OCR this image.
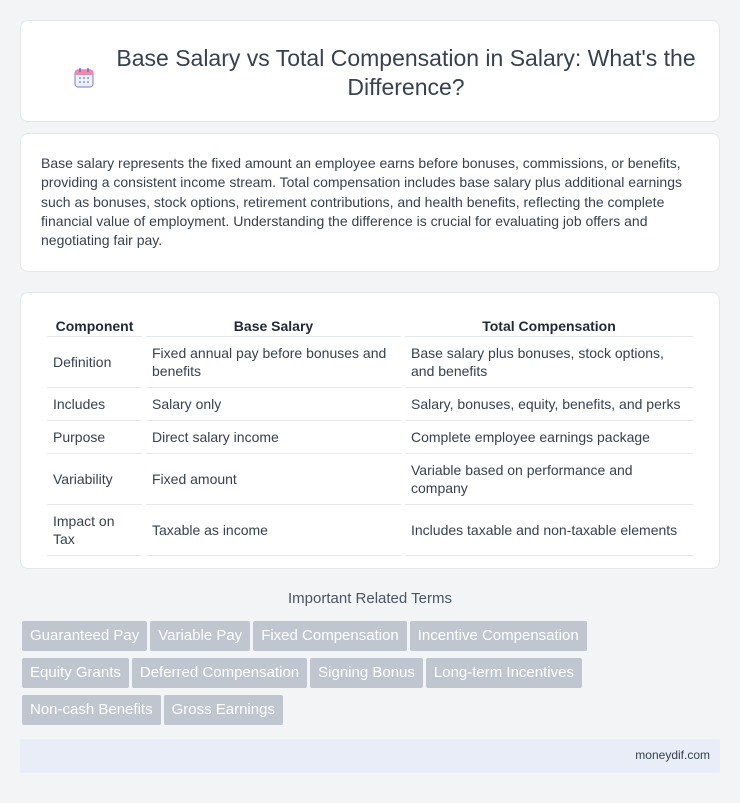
Base Salary vs Total Compensation in Salary: What's the Difference?

Base salary represents the fixed amount an employee earns before bonuses, commissions, or benefits, providing a consistent income stream. Total compensation includes base salary plus additional earnings such as bonuses, stock options, retirement contributions, and health benefits, reflecting the complete financial value of employment. Understanding the difference is crucial for evaluating job offers and negotiating fair pay.

Component	Base Salary	Total Compensation
Definition	Fixed annual pay before bonuses and benefits	Base salary plus bonuses, stock options, and benefits
Includes	Salary only	Salary, bonuses, equity, benefits, and perks
Purpose	Direct salary income	Complete employee earnings package
Variability	Fixed amount	Variable based on performance and company
Impact on Tax	Taxable as income	Includes taxable and non-taxable elements
Important Related Terms
Guaranteed Pay Variable Pay Fixed Compensation Incentive Compensation
Equity Grants Deferred Compensation Signing Bonus Long-term Incentives
Non-cash Benefits Gross Earnings
moneydif.com
